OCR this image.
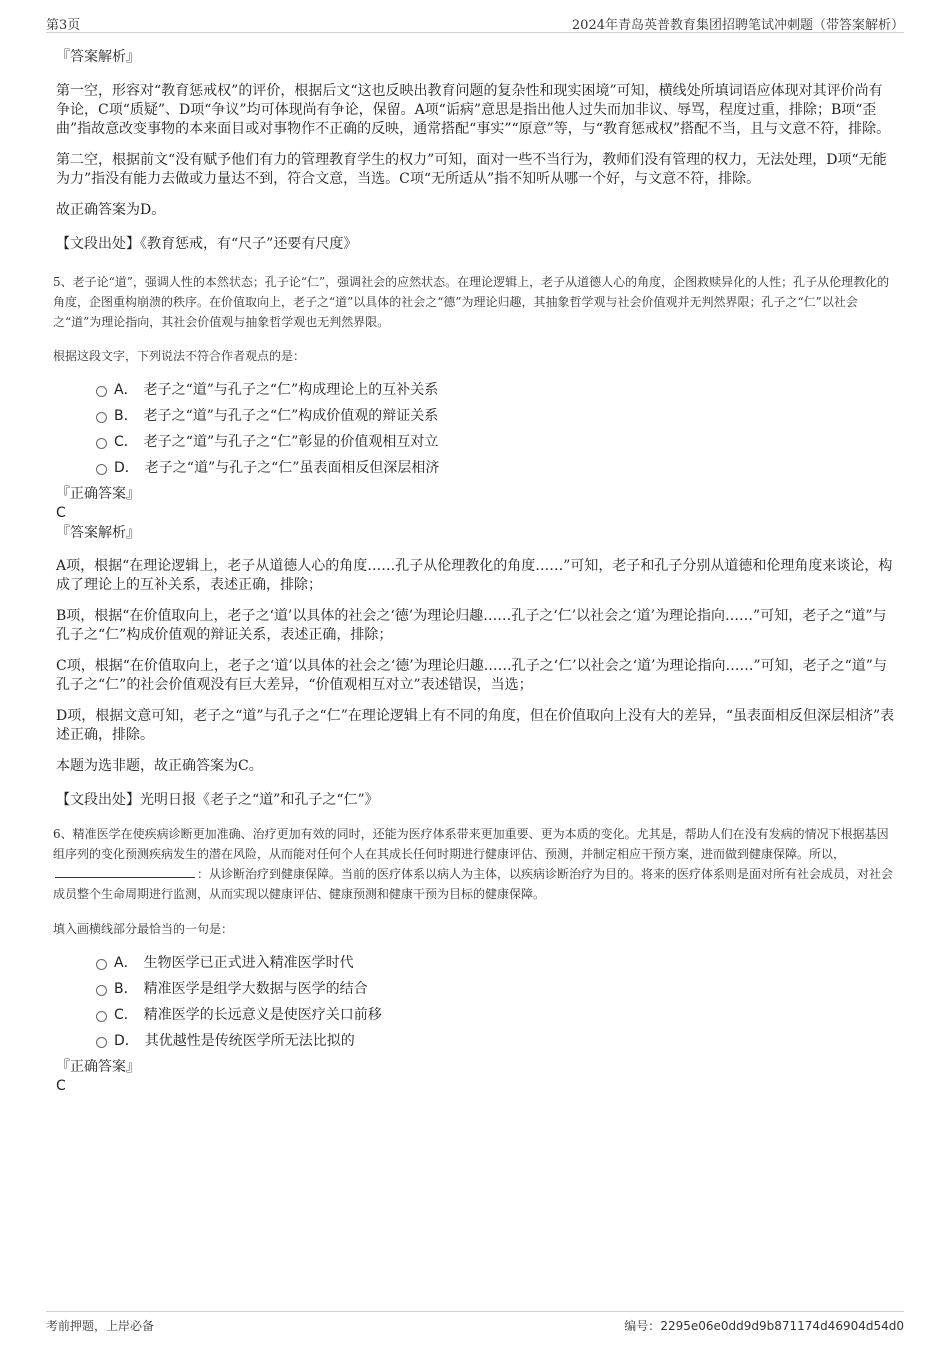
第3页	2024年青岛英普教育集团招聘笔试冲刺题（带答案解析）

『答案解析』

第一空，形容对“教育惩戒权”的评价，根据后文“这也反映出教育问题的复杂性和现实困境”可知，横线处所填词语应体现对其评价尚有争论，C项“质疑”、D项“争议”均可体现尚有争论，保留。A项“诟病”意思是指出他人过失而加非议、辱骂，程度过重，排除；B项“歪曲”指故意改变事物的本来面目或对事物作不正确的反映，通常搭配“事实”“原意”等，与“教育惩戒权”搭配不当，且与文意不符，排除。

第二空，根据前文“没有赋予他们有力的管理教育学生的权力”可知，面对一些不当行为，教师们没有管理的权力，无法处理，D项“无能为力”指没有能力去做或力量达不到，符合文意，当选。C项“无所适从”指不知听从哪一个好，与文意不符，排除。

故正确答案为D。

【文段出处】《教育惩戒，有“尺子”还要有尺度》

5、老子论“道”，强调人性的本然状态；孔子论“仁”，强调社会的应然状态。在理论逻辑上，老子从道德人心的角度，企图救赎异化的人性；孔子从伦理教化的角度，企图重构崩溃的秩序。在价值取向上，老子之“道”以具体的社会之“德”为理论归趣，其抽象哲学观与社会价值观并无判然界限；孔子之“仁”以社会之“道”为理论指向，其社会价值观与抽象哲学观也无判然界限。

根据这段文字，下列说法不符合作者观点的是：

A． 老子之“道”与孔子之“仁”构成理论上的互补关系
B． 老子之“道”与孔子之“仁”构成价值观的辩证关系
C． 老子之“道”与孔子之“仁”彰显的价值观相互对立
D． 老子之“道”与孔子之“仁”虽表面相反但深层相济

『正确答案』

C

『答案解析』

A项，根据“在理论逻辑上，老子从道德人心的角度……孔子从伦理教化的角度……”可知，老子和孔子分别从道德和伦理角度来谈论，构成了理论上的互补关系，表述正确，排除；

B项，根据“在价值取向上，老子之‘道’以具体的社会之‘德’为理论归趣……孔子之‘仁’以社会之‘道’为理论指向……”可知，老子之“道”与孔子之“仁”构成价值观的辩证关系，表述正确，排除；

C项，根据“在价值取向上，老子之‘道’以具体的社会之‘德’为理论归趣……孔子之‘仁’以社会之‘道’为理论指向……”可知，老子之“道”与孔子之“仁”的社会价值观没有巨大差异，“价值观相互对立”表述错误，当选；

D项，根据文意可知，老子之“道”与孔子之“仁”在理论逻辑上有不同的角度，但在价值取向上没有大的差异，“虽表面相反但深层相济”表述正确，排除。

本题为选非题，故正确答案为C。

【文段出处】光明日报《老子之“道”和孔子之“仁”》

6、精准医学在使疾病诊断更加准确、治疗更加有效的同时，还能为医疗体系带来更加重要、更为本质的变化。尤其是，帮助人们在没有发病的情况下根据基因组序列的变化预测疾病发生的潜在风险，从而能对任何个人在其成长任何时期进行健康评估、预测，并制定相应干预方案，进而做到健康保障。所以，：从诊断治疗到健康保障。当前的医疗体系以病人为主体，以疾病诊断治疗为目的。将来的医疗体系则是面对所有社会成员，对社会成员整个生命周期进行监测，从而实现以健康评估、健康预测和健康干预为目标的健康保障。

填入画横线部分最恰当的一句是：

A． 生物医学已正式进入精准医学时代
B． 精准医学是组学大数据与医学的结合
C． 精准医学的长远意义是使医疗关口前移
D． 其优越性是传统医学所无法比拟的

『正确答案』

C

考前押题，上岸必备	编号：2295e06e0dd9d9b871174d46904d54d0
